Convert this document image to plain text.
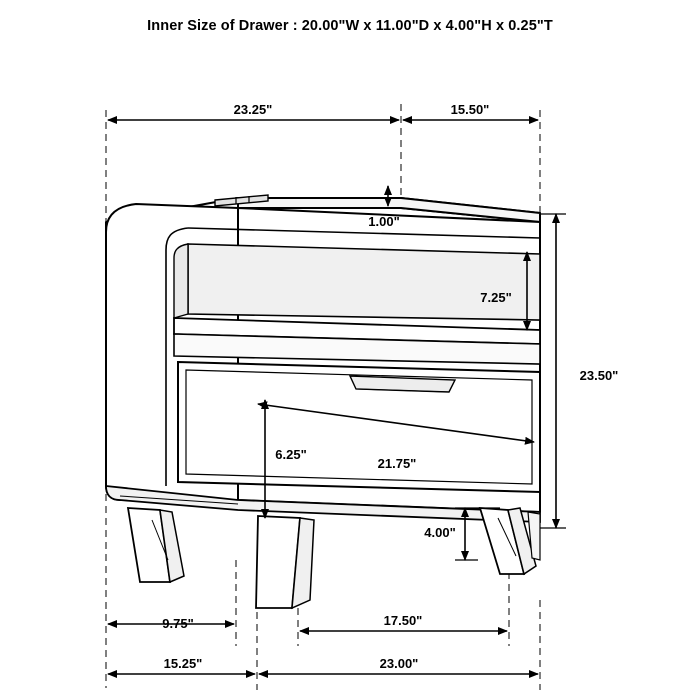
Inner Size of Drawer : 20.00"W x 11.00"D x 4.00"H x 0.25"T
23.25"	15.50"
1.00"
7.25"
23.50"
6.25"
21.75"
4.00"
9.75"	17.50"
15.25"	23.00"
